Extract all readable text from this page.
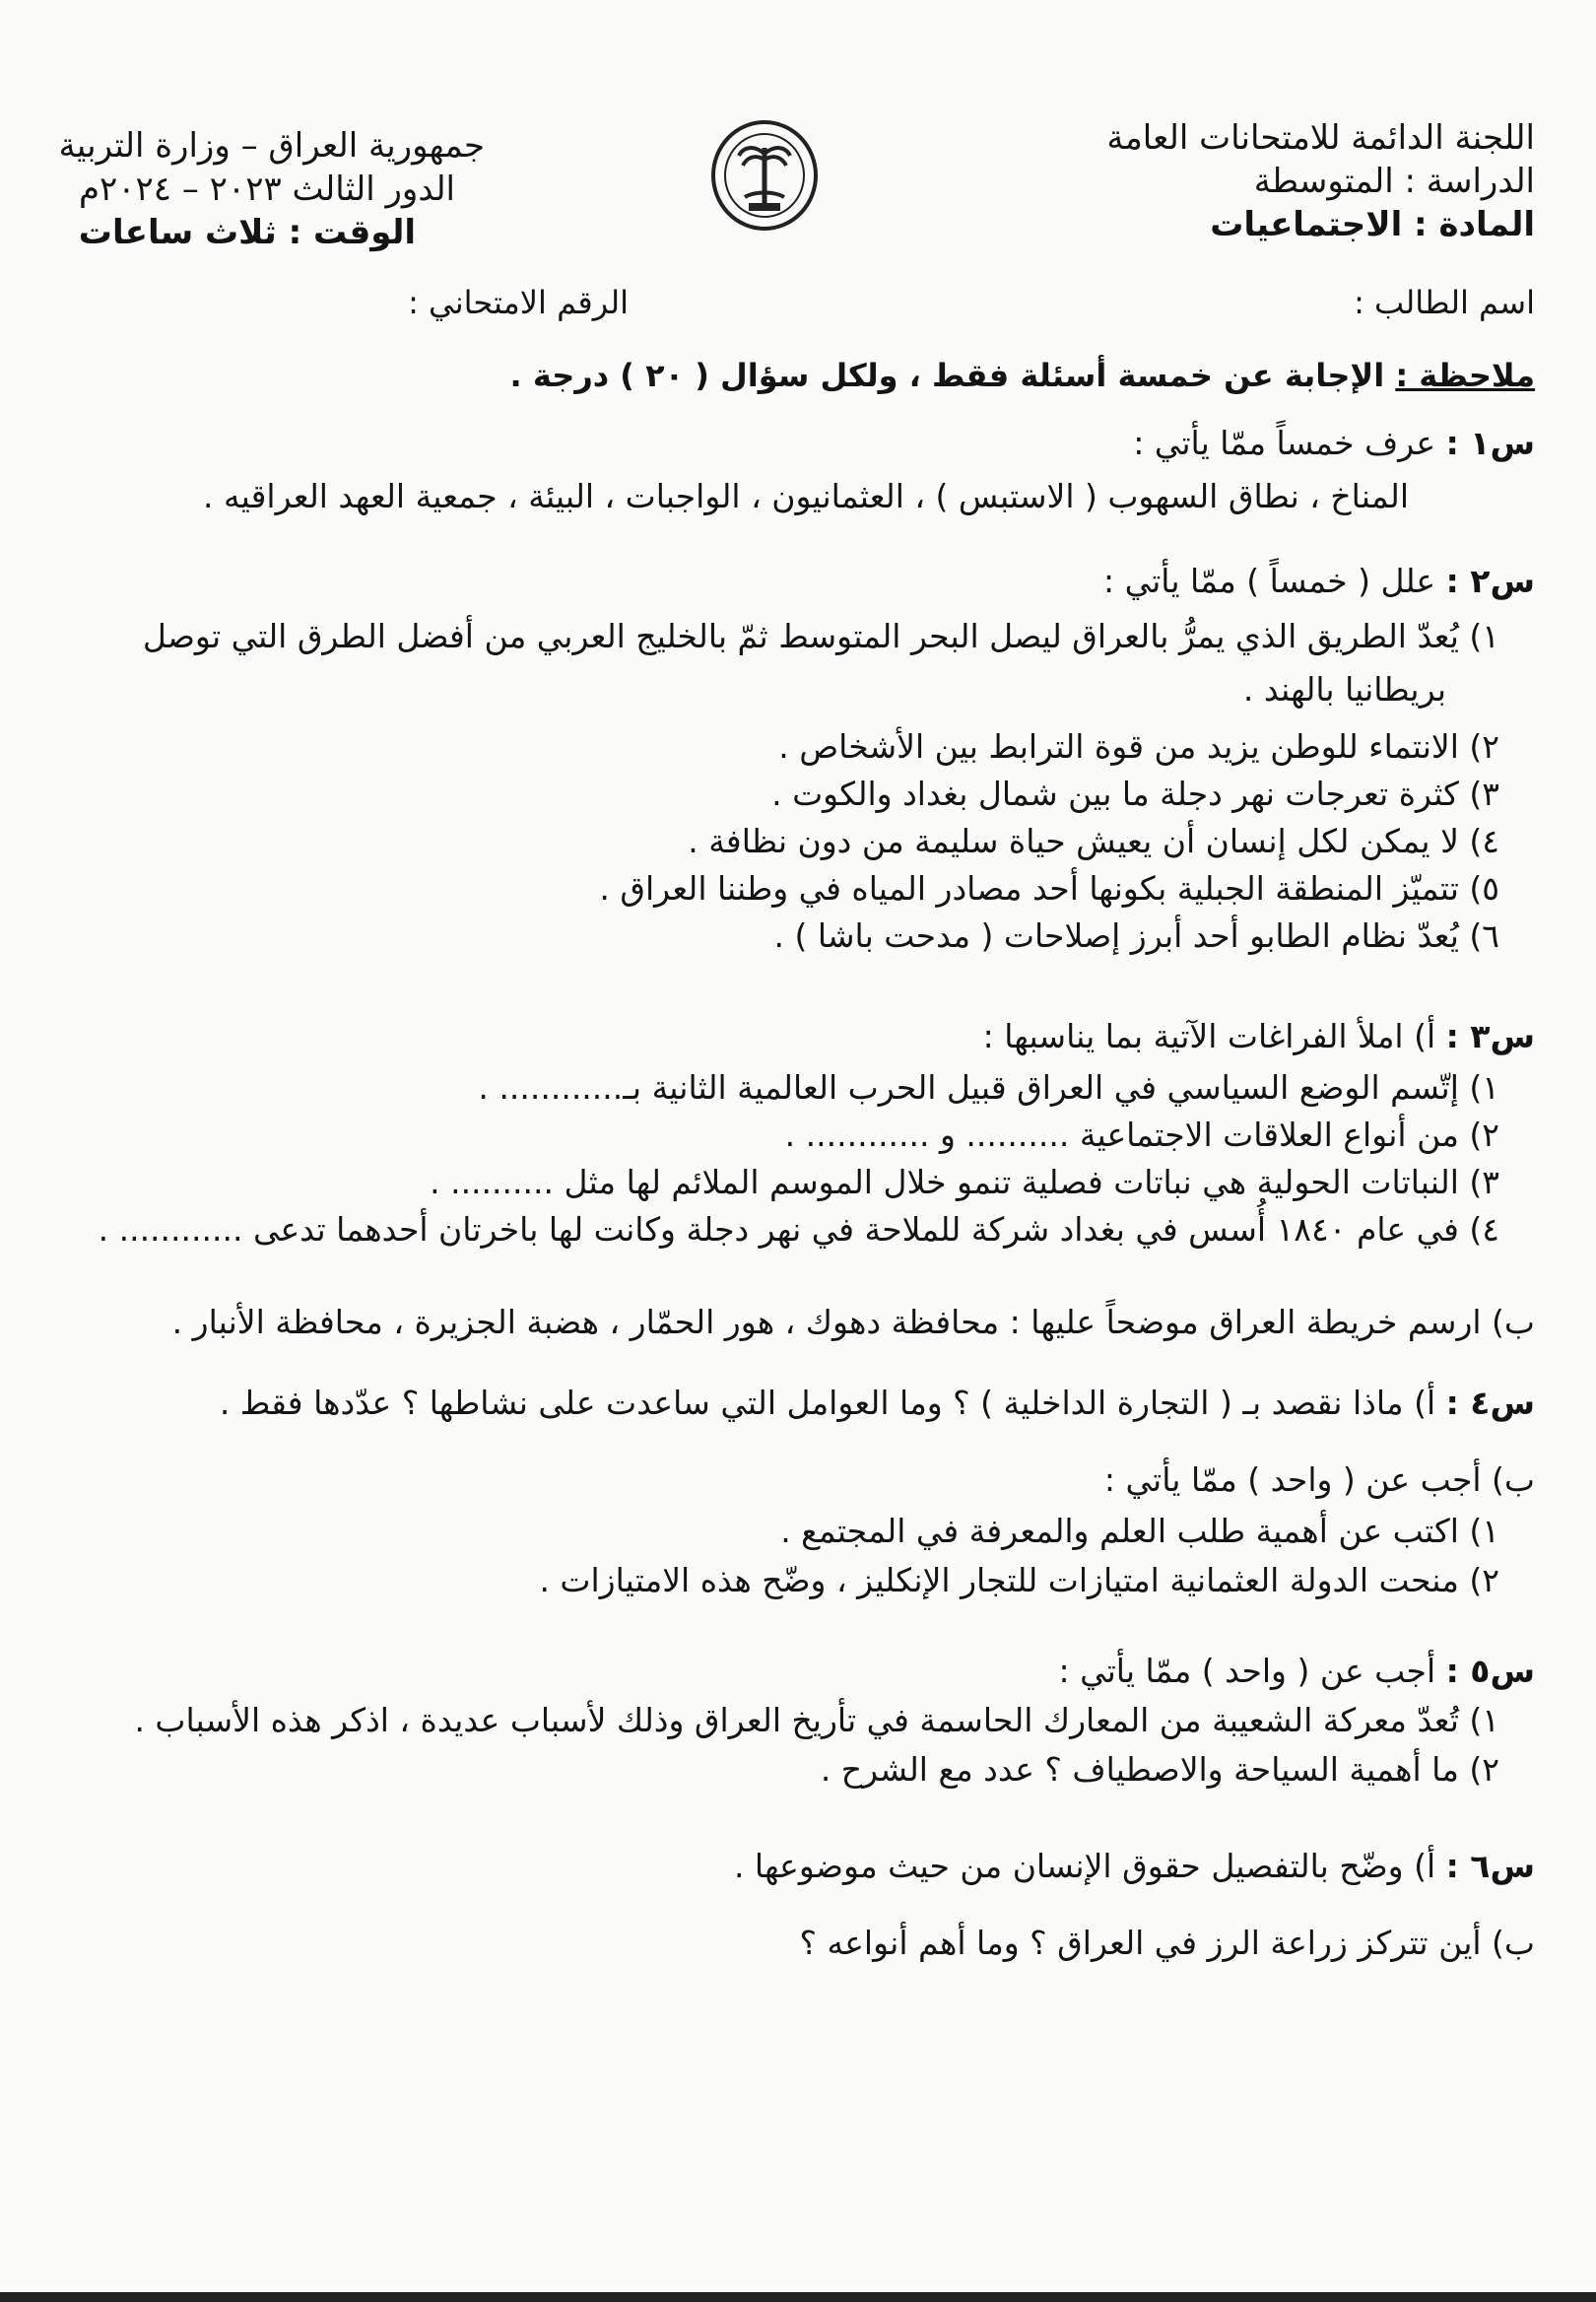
اللجنة الدائمة للامتحانات العامة
الدراسة : المتوسطة
المادة : الاجتماعيات
جمهورية العراق – وزارة التربية
الدور الثالث ٢٠٢٣ – ٢٠٢٤م
الوقت : ثلاث ساعات
اسم الطالب :
الرقم الامتحاني :
ملاحظة : الإجابة عن خمسة أسئلة فقط ، ولكل سؤال ( ٢٠ ) درجة .
س١ : عرف خمساً ممّا يأتي :
المناخ ، نطاق السهوب ( الاستبس ) ، العثمانيون ، الواجبات ، البيئة ، جمعية العهد العراقيه .
س٢ : علل ( خمساً ) ممّا يأتي :
١) يُعدّ الطريق الذي يمرُّ بالعراق ليصل البحر المتوسط ثمّ بالخليج العربي من أفضل الطرق التي توصل
بريطانيا بالهند .
٢) الانتماء للوطن يزيد من قوة الترابط بين الأشخاص .
٣) كثرة تعرجات نهر دجلة ما بين شمال بغداد والكوت .
٤) لا يمكن لكل إنسان أن يعيش حياة سليمة من دون نظافة .
٥) تتميّز المنطقة الجبلية بكونها أحد مصادر المياه في وطننا العراق .
٦) يُعدّ نظام الطابو أحد أبرز إصلاحات ( مدحت باشا ) .
س٣ : أ) املأ الفراغات الآتية بما يناسبها :
١) إتّسم الوضع السياسي في العراق قبيل الحرب العالمية الثانية بـ............ .
٢) من أنواع العلاقات الاجتماعية .......... و ............ .
٣) النباتات الحولية هي نباتات فصلية تنمو خلال الموسم الملائم لها مثل .......... .
٤) في عام ١٨٤٠ أُسس في بغداد شركة للملاحة في نهر دجلة وكانت لها باخرتان أحدهما تدعى ............ .
ب) ارسم خريطة العراق موضحاً عليها : محافظة دهوك ، هور الحمّار ، هضبة الجزيرة ، محافظة الأنبار .
س٤ : أ) ماذا نقصد بـ ( التجارة الداخلية ) ؟ وما العوامل التي ساعدت على نشاطها ؟ عدّدها فقط .
ب) أجب عن ( واحد ) ممّا يأتي :
١) اكتب عن أهمية طلب العلم والمعرفة في المجتمع .
٢) منحت الدولة العثمانية امتيازات للتجار الإنكليز ، وضّح هذه الامتيازات .
س٥ : أجب عن ( واحد ) ممّا يأتي :
١) تُعدّ معركة الشعيبة من المعارك الحاسمة في تأريخ العراق وذلك لأسباب عديدة ، اذكر هذه الأسباب .
٢) ما أهمية السياحة والاصطياف ؟ عدد مع الشرح .
س٦ : أ) وضّح بالتفصيل حقوق الإنسان من حيث موضوعها .
ب) أين تتركز زراعة الرز في العراق ؟ وما أهم أنواعه ؟
